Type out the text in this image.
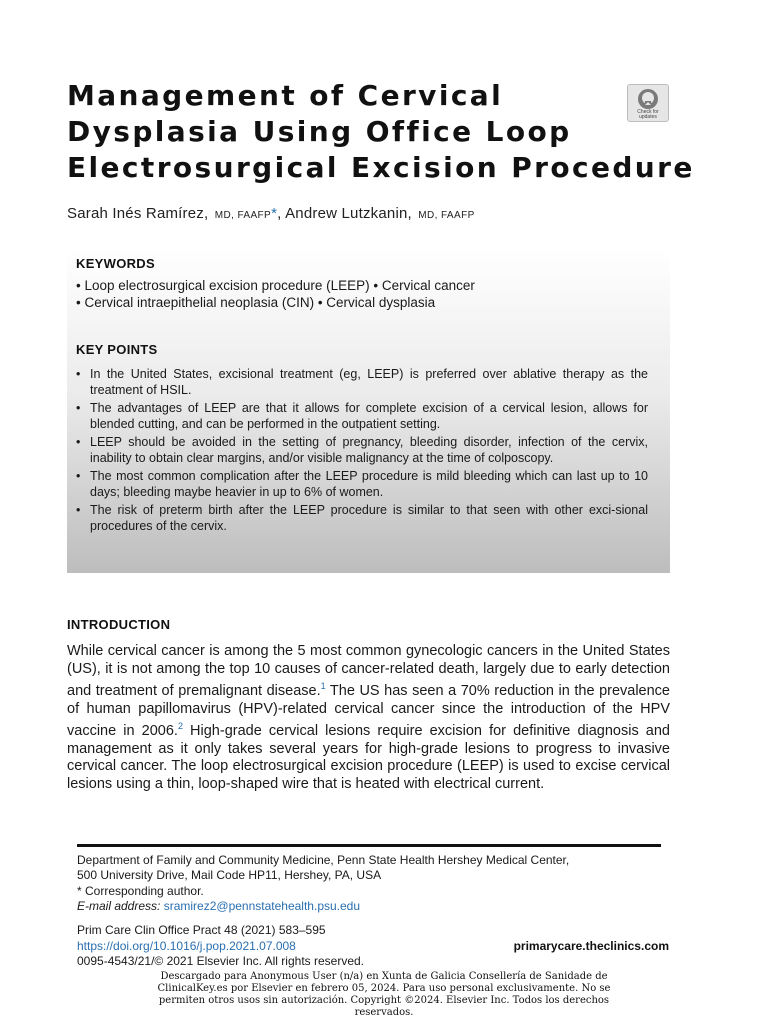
Management of Cervical
Dysplasia Using Office Loop
Electrosurgical Excision Procedure
Check for
updates
Sarah Inés Ramírez, MD, FAAFP*, Andrew Lutzkanin, MD, FAAFP
KEYWORDS
• Loop electrosurgical excision procedure (LEEP) • Cervical cancer
• Cervical intraepithelial neoplasia (CIN) • Cervical dysplasia
KEY POINTS
• In the United States, excisional treatment (eg, LEEP) is preferred over ablative therapy as the treatment of HSIL.
• The advantages of LEEP are that it allows for complete excision of a cervical lesion, allows for blended cutting, and can be performed in the outpatient setting.
• LEEP should be avoided in the setting of pregnancy, bleeding disorder, infection of the cervix, inability to obtain clear margins, and/or visible malignancy at the time of colposcopy.
• The most common complication after the LEEP procedure is mild bleeding which can last up to 10 days; bleeding maybe heavier in up to 6% of women.
• The risk of preterm birth after the LEEP procedure is similar to that seen with other exci-sional procedures of the cervix.
INTRODUCTION

While cervical cancer is among the 5 most common gynecologic cancers in the United States (US), it is not among the top 10 causes of cancer-related death, largely due to early detection and treatment of premalignant disease.$^1$ The US has seen a 70% reduction in the prevalence of human papillomavirus (HPV)-related cervical cancer since the introduction of the HPV vaccine in 2006.$^2$ High-grade cervical lesions require excision for definitive diagnosis and management as it only takes several years for high-grade lesions to progress to invasive cervical cancer. The loop electrosurgical excision procedure (LEEP) is used to excise cervical lesions using a thin, loop-shaped wire that is heated with electrical current.

Department of Family and Community Medicine, Penn State Health Hershey Medical Center,
500 University Drive, Mail Code HP11, Hershey, PA, USA
* Corresponding author.
E-mail address: sramirez2@pennstatehealth.psu.edu
Prim Care Clin Office Pract 48 (2021) 583–595
https://doi.org/10.1016/j.pop.2021.07.008	primarycare.theclinics.com
0095-4543/21/© 2021 Elsevier Inc. All rights reserved.

Descargado para Anonymous User (n/a) en Xunta de Galicia Consellería de Sanidade de ClinicalKey.es por Elsevier en febrero 05, 2024. Para uso personal exclusivamente. No se permiten otros usos sin autorización. Copyright ©2024. Elsevier Inc. Todos los derechos reservados.
